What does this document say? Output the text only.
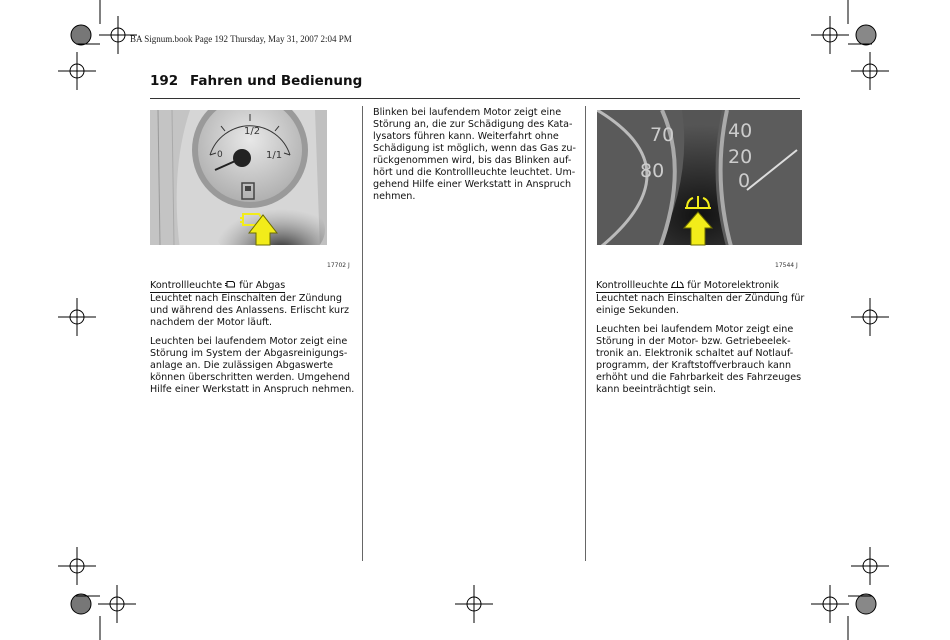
BA Signum.book Page 192 Thursday, May 31, 2007 2:04 PM
192 Fahren und Bedienung
1/2
1/1
0
17702 J
70
80
40
20
0
17544 J
Kontrollleuchte  für Abgas

Leuchtet nach Einschalten der Zündung
und während des Anlassens. Erlischt kurz
nachdem der Motor läuft.

Leuchten bei laufendem Motor zeigt eine
Störung im System der Abgasreinigungs-
anlage an. Die zulässigen Abgaswerte
können überschritten werden. Umgehend
Hilfe einer Werkstatt in Anspruch nehmen.

Blinken bei laufendem Motor zeigt eine
Störung an, die zur Schädigung des Kata-
lysators führen kann. Weiterfahrt ohne
Schädigung ist möglich, wenn das Gas zu-
rückgenommen wird, bis das Blinken auf-
hört und die Kontrollleuchte leuchtet. Um-
gehend Hilfe einer Werkstatt in Anspruch
nehmen.

Kontrollleuchte  für Motorelektronik

Leuchtet nach Einschalten der Zündung für
einige Sekunden.

Leuchten bei laufendem Motor zeigt eine
Störung in der Motor- bzw. Getriebeelek-
tronik an. Elektronik schaltet auf Notlauf-
programm, der Kraftstoffverbrauch kann
erhöht und die Fahrbarkeit des Fahrzeuges
kann beeinträchtigt sein.
